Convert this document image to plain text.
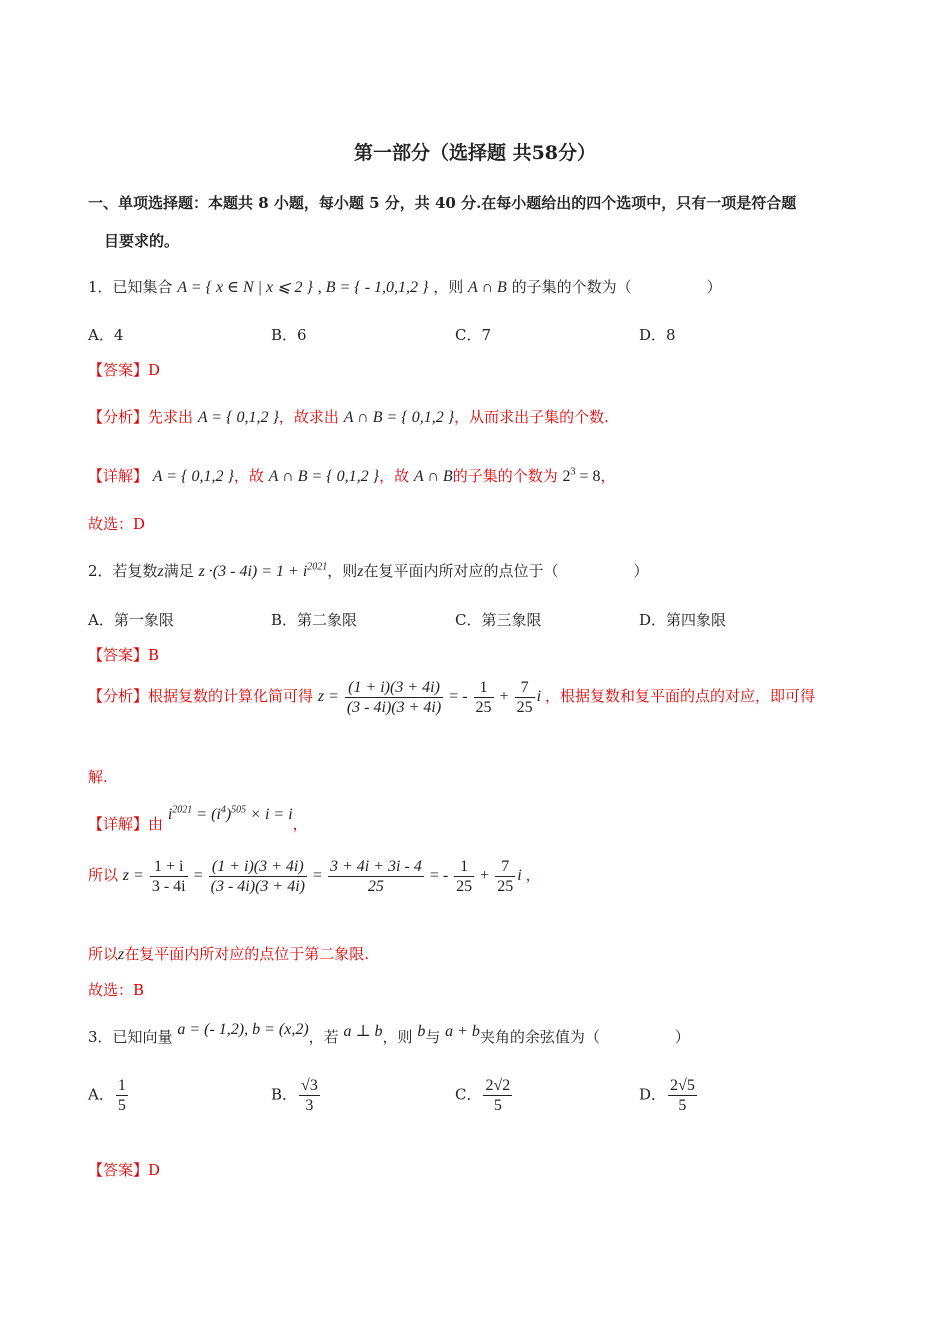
第一部分（选择题 共58分）
一、单项选择题：本题共 8 小题，每小题 5 分，共 40 分.在每小题给出的四个选项中，只有一项是符合题
目要求的。
1．已知集合 A = { x ∈ N | x ⩽ 2 } , B = { - 1,0,1,2 } ，则 A ∩ B 的子集的个数为（　　　　　）
A．4	B．6	C．7	D．8
【答案】D
【分析】先求出 A = { 0,1,2 }，故求出 A ∩ B = { 0,1,2 }，从而求出子集的个数.
【详解】 A = { 0,1,2 }，故 A ∩ B = { 0,1,2 }，故 A ∩ B的子集的个数为 $2^3 = 8$，
故选：D
2．若复数z满足 $z \cdot(3 - 4i) = 1 + i^{2021}$，则z在复平面内所对应的点位于（　　　　　）
A．第一象限	B．第二象限	C．第三象限	D．第四象限
【答案】B
【分析】根据复数的计算化简可得 $z = \frac{(1 + i)(3 + 4i)}{(3 - 4i)(3 + 4i)}$ = - $\frac{1}{25} + \frac{7}{25}$ i ，根据复数和复平面的点的对应，即可得
解.
【详解】由 $i^{2021} = (i^4)^{505} \times i = i$，
所以 $z = \frac{1 + i}{3 - 4i} = \frac{(1 + i)(3 + 4i)}{(3 - 4i)(3 + 4i)} = \frac{3 + 4i + 3i - 4}{25}$ = - $\frac{1}{25} + \frac{7}{25}$ i ，
所以z在复平面内所对应的点位于第二象限.
故选：B
3．已知向量 a = (- 1,2), b = (x,2)，若 a ⊥ b，则 b与 a + b夹角的余弦值为（　　　　　）
A． $\frac{1}{5}$	B． $\frac{√3}{3}$	C． $\frac{2√2}{5}$	D． $\frac{2√5}{5}$
【答案】D
